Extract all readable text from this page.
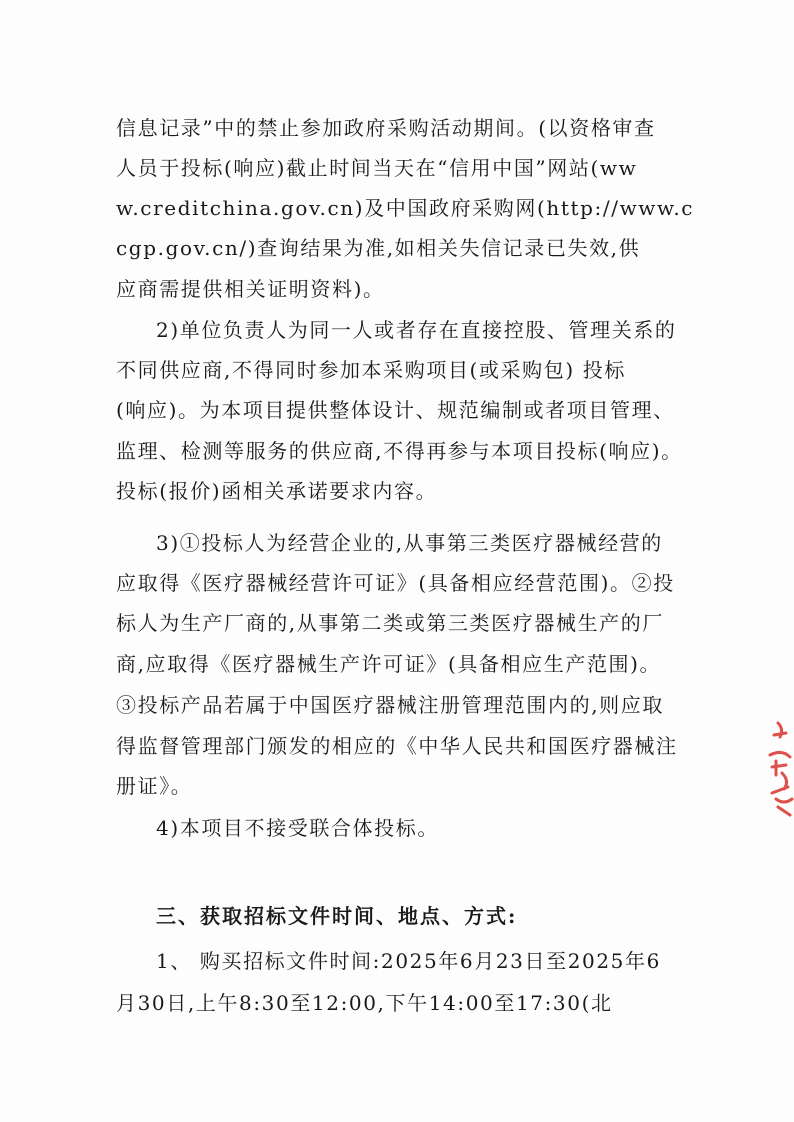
信息记录”中的禁止参加政府采购活动期间。(以资格审查
人员于投标(响应)截止时间当天在“信用中国”网站(ww
w.creditchina.gov.cn)及中国政府采购网(http://www.c
cgp.gov.cn/)查询结果为准,如相关失信记录已失效,供
应商需提供相关证明资料)。
2)单位负责人为同一人或者存在直接控股、管理关系的
不同供应商,不得同时参加本采购项目(或采购包) 投标
(响应)。为本项目提供整体设计、规范编制或者项目管理、
监理、检测等服务的供应商,不得再参与本项目投标(响应)。
投标(报价)函相关承诺要求内容。
3)①投标人为经营企业的,从事第三类医疗器械经营的
应取得《医疗器械经营许可证》(具备相应经营范围)。②投
标人为生产厂商的,从事第二类或第三类医疗器械生产的厂
商,应取得《医疗器械生产许可证》(具备相应生产范围)。
③投标产品若属于中国医疗器械注册管理范围内的,则应取
得监督管理部门颁发的相应的《中华人民共和国医疗器械注
册证》。
4)本项目不接受联合体投标。
三、获取招标文件时间、地点、方式:
1、 购买招标文件时间:2025年6月23日至2025年6
月30日,上午8:30至12:00,下午14:00至17:30(北
